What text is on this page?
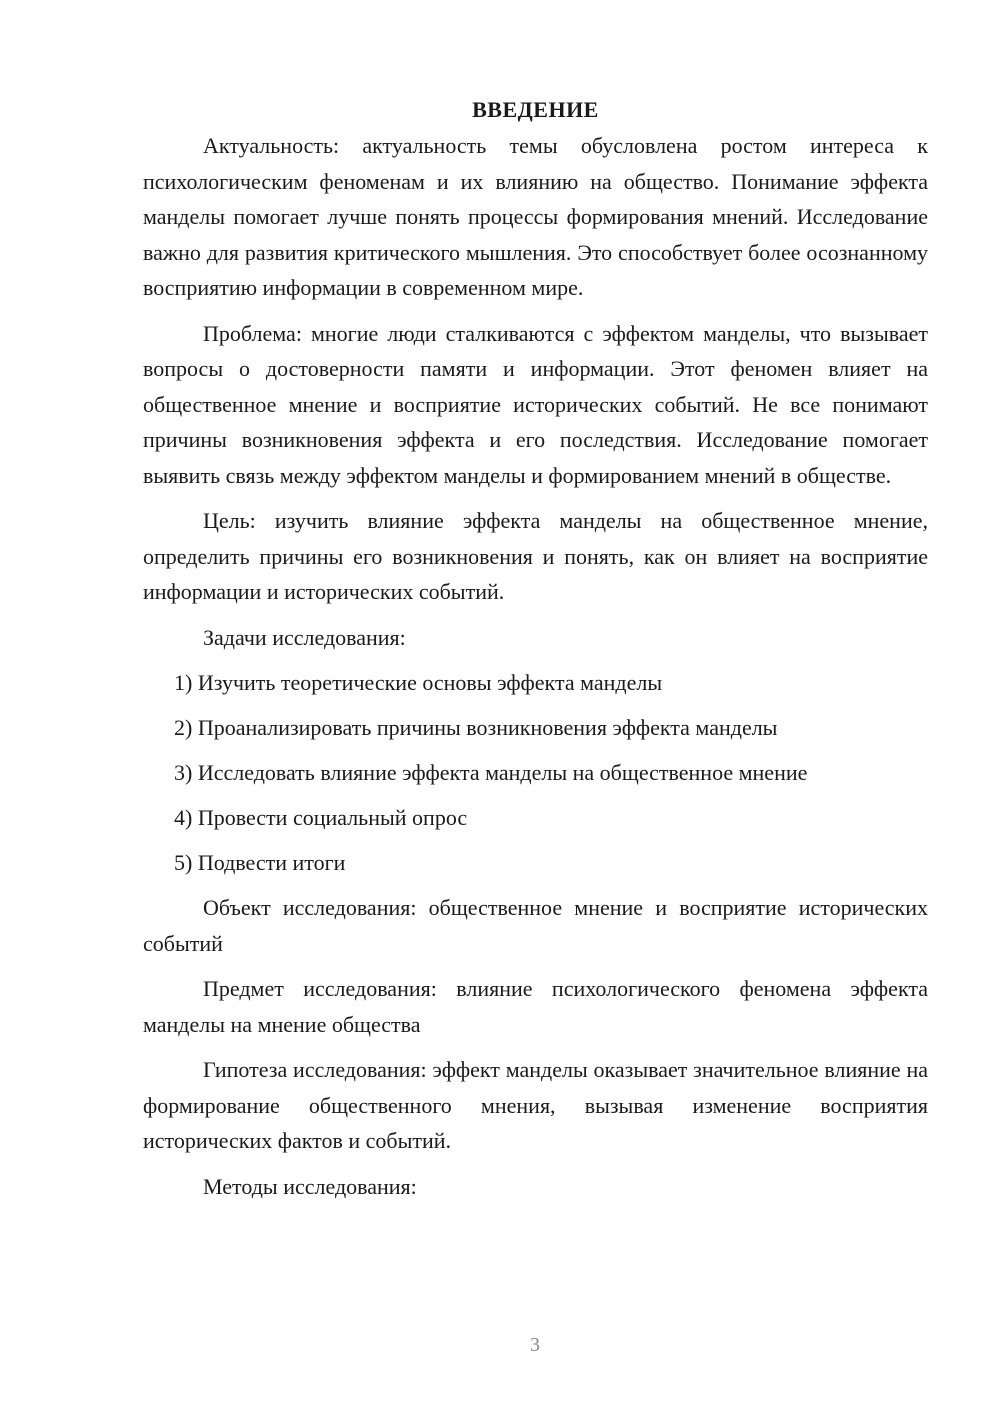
ВВЕДЕНИЕ

Актуальность: актуальность темы обусловлена ростом интереса к психологическим феноменам и их влиянию на общество. Понимание эффекта манделы помогает лучше понять процессы формирования мнений. Исследование важно для развития критического мышления. Это способствует более осознанному восприятию информации в современном мире.

Проблема: многие люди сталкиваются с эффектом манделы, что вызывает вопросы о достоверности памяти и информации. Этот феномен влияет на общественное мнение и восприятие исторических событий. Не все понимают причины возникновения эффекта и его последствия. Исследование помогает выявить связь между эффектом манделы и формированием мнений в обществе.

Цель: изучить влияние эффекта манделы на общественное мнение, определить причины его возникновения и понять, как он влияет на восприятие информации и исторических событий.

Задачи исследования:
1) Изучить теоретические основы эффекта манделы
2) Проанализировать причины возникновения эффекта манделы
3) Исследовать влияние эффекта манделы на общественное мнение
4) Провести социальный опрос
5) Подвести итоги

Объект исследования: общественное мнение и восприятие исторических событий

Предмет исследования: влияние психологического феномена эффекта манделы на мнение общества

Гипотеза исследования: эффект манделы оказывает значительное влияние на формирование общественного мнения, вызывая изменение восприятия исторических фактов и событий.

Методы исследования:
3
